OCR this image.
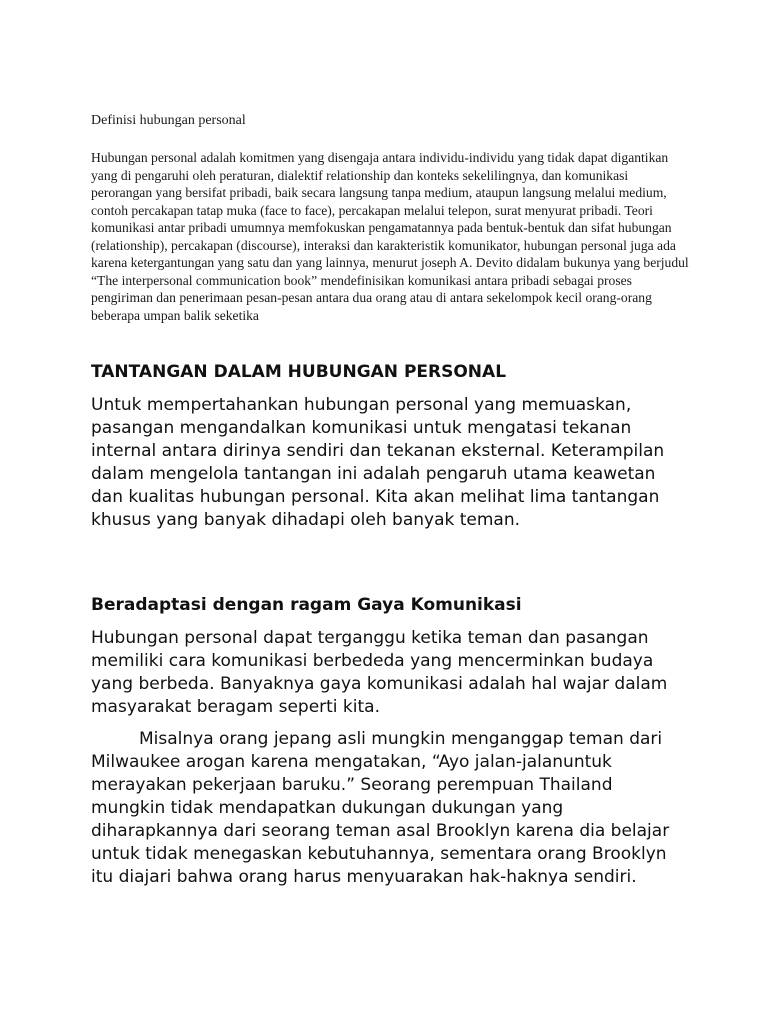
Definisi hubungan personal

Hubungan personal adalah komitmen yang disengaja antara individu-individu yang tidak dapat digantikan yang di pengaruhi oleh peraturan, dialektif relationship dan konteks sekelilingnya, dan komunikasi perorangan yang bersifat pribadi, baik secara langsung tanpa medium, ataupun langsung melalui medium, contoh percakapan tatap muka (face to face), percakapan melalui telepon, surat menyurat pribadi. Teori komunikasi antar pribadi umumnya memfokuskan pengamatannya pada bentuk-bentuk dan sifat hubungan (relationship), percakapan (discourse), interaksi dan karakteristik komunikator, hubungan personal juga ada karena ketergantungan yang satu dan yang lainnya, menurut joseph A. Devito didalam bukunya yang berjudul “The interpersonal communication book” mendefinisikan komunikasi antara pribadi sebagai proses pengiriman dan penerimaan pesan-pesan antara dua orang atau di antara sekelompok kecil orang-orang beberapa umpan balik seketika

TANTANGAN DALAM HUBUNGAN PERSONAL

Untuk mempertahankan hubungan personal yang memuaskan, pasangan mengandalkan komunikasi untuk mengatasi tekanan internal antara dirinya sendiri dan tekanan eksternal. Keterampilan dalam mengelola tantangan ini adalah pengaruh utama keawetan dan kualitas hubungan personal. Kita akan melihat lima tantangan khusus yang banyak dihadapi oleh banyak teman.

Beradaptasi dengan ragam Gaya Komunikasi

Hubungan personal dapat terganggu ketika teman dan pasangan memiliki cara komunikasi berbededa yang mencerminkan budaya yang berbeda. Banyaknya gaya komunikasi adalah hal wajar dalam masyarakat beragam seperti kita.

Misalnya orang jepang asli mungkin menganggap teman dari Milwaukee arogan karena mengatakan, “Ayo jalan-jalanuntuk merayakan pekerjaan baruku.” Seorang perempuan Thailand mungkin tidak mendapatkan dukungan dukungan yang diharapkannya dari seorang teman asal Brooklyn karena dia belajar untuk tidak menegaskan kebutuhannya, sementara orang Brooklyn itu diajari bahwa orang harus menyuarakan hak-haknya sendiri.
